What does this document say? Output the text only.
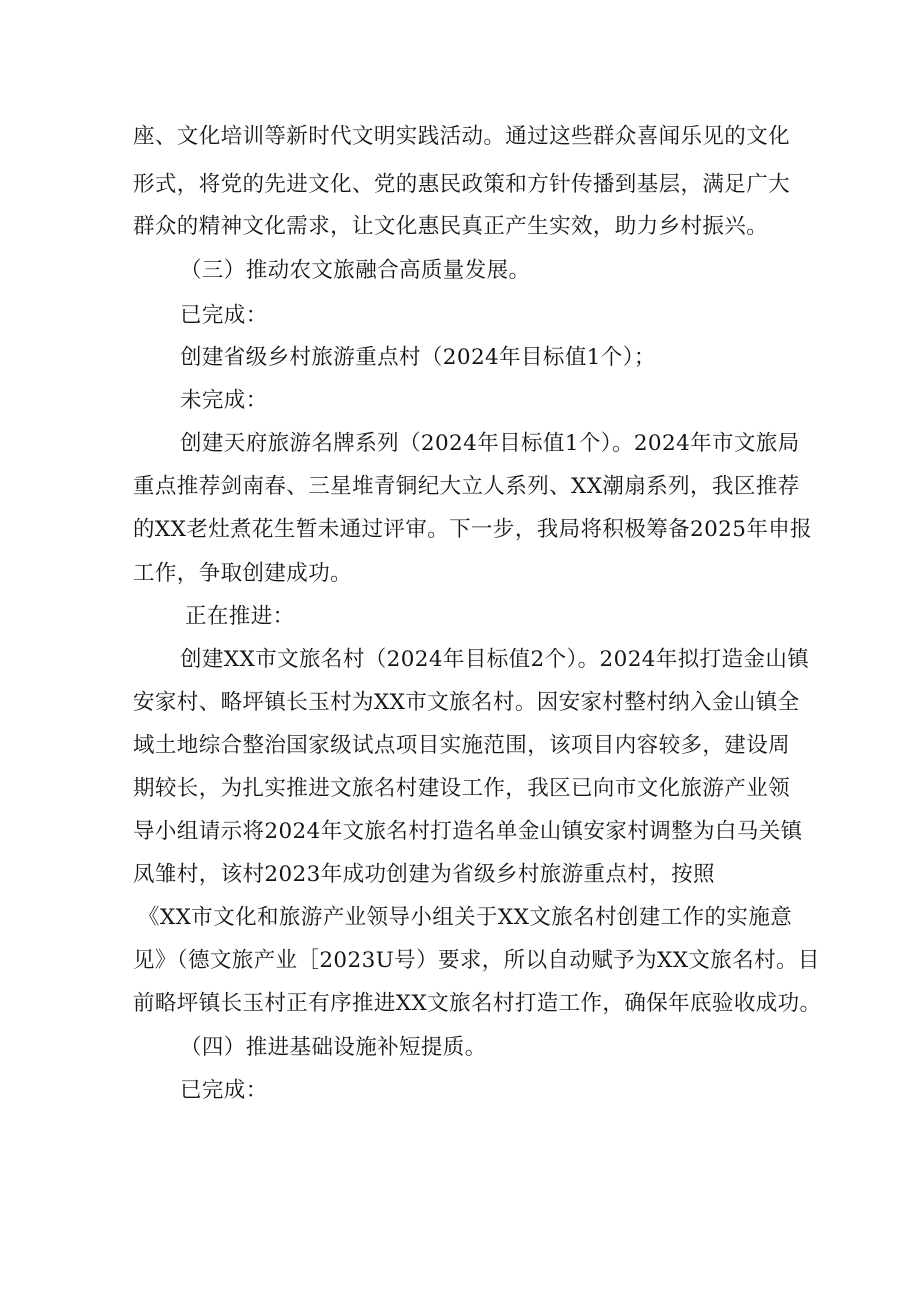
座、文化培训等新时代文明实践活动。通过这些群众喜闻乐见的文化
形式，将党的先进文化、党的惠民政策和方针传播到基层，满足广大
群众的精神文化需求，让文化惠民真正产生实效，助力乡村振兴。
（三）推动农文旅融合高质量发展。
已完成：
创建省级乡村旅游重点村（2024年目标值1个）；
未完成：
创建天府旅游名牌系列（2024年目标值1个）。2024年市文旅局
重点推荐剑南春、三星堆青铜纪大立人系列、XX潮扇系列，我区推荐
的XX老灶煮花生暂未通过评审。下一步，我局将积极筹备2025年申报
工作，争取创建成功。
正在推进：
创建XX市文旅名村（2024年目标值2个）。2024年拟打造金山镇
安家村、略坪镇长玉村为XX市文旅名村。因安家村整村纳入金山镇全
域土地综合整治国家级试点项目实施范围，该项目内容较多，建设周
期较长，为扎实推进文旅名村建设工作，我区已向市文化旅游产业领
导小组请示将2024年文旅名村打造名单金山镇安家村调整为白马关镇
凤雏村，该村2023年成功创建为省级乡村旅游重点村，按照
《XX市文化和旅游产业领导小组关于XX文旅名村创建工作的实施意
见》（德文旅产业［2023U号）要求，所以自动赋予为XX文旅名村。目
前略坪镇长玉村正有序推进XX文旅名村打造工作，确保年底验收成功。
（四）推进基础设施补短提质。
已完成：
